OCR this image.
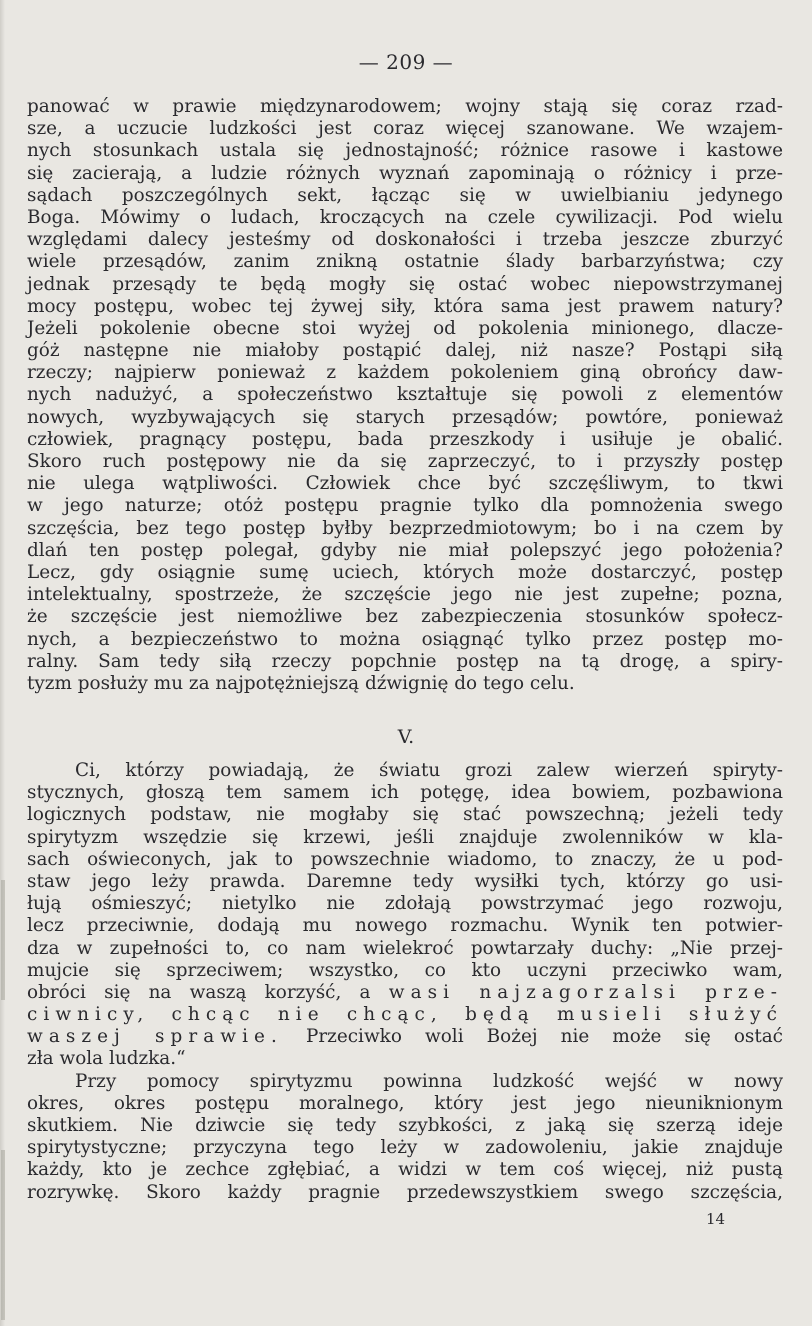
— 209 —
panować w prawie międzynarodowem; wojny stają się coraz rzad-
sze, a uczucie ludzkości jest coraz więcej szanowane. We wzajem-
nych stosunkach ustala się jednostajność; różnice rasowe i kastowe
się zacierają, a ludzie różnych wyznań zapominają o różnicy i prze-
sądach poszczególnych sekt, łącząc się w uwielbianiu jedynego
Boga. Mówimy o ludach, kroczących na czele cywilizacji. Pod wielu
względami dalecy jesteśmy od doskonałości i trzeba jeszcze zburzyć
wiele przesądów, zanim znikną ostatnie ślady barbarzyństwa; czy
jednak przesądy te będą mogły się ostać wobec niepowstrzymanej
mocy postępu, wobec tej żywej siły, która sama jest prawem natury?
Jeżeli pokolenie obecne stoi wyżej od pokolenia minionego, dlacze-
góż następne nie miałoby postąpić dalej, niż nasze? Postąpi siłą
rzeczy; najpierw ponieważ z każdem pokoleniem giną obrońcy daw-
nych nadużyć, a społeczeństwo kształtuje się powoli z elementów
nowych, wyzbywających się starych przesądów; powtóre, ponieważ
człowiek, pragnący postępu, bada przeszkody i usiłuje je obalić.
Skoro ruch postępowy nie da się zaprzeczyć, to i przyszły postęp
nie ulega wątpliwości. Człowiek chce być szczęśliwym, to tkwi
w jego naturze; otóż postępu pragnie tylko dla pomnożenia swego
szczęścia, bez tego postęp byłby bezprzedmiotowym; bo i na czem by
dlań ten postęp polegał, gdyby nie miał polepszyć jego położenia?
Lecz, gdy osiągnie sumę uciech, których może dostarczyć, postęp
intelektualny, spostrzeże, że szczęście jego nie jest zupełne; pozna,
że szczęście jest niemożliwe bez zabezpieczenia stosunków społecz-
nych, a bezpieczeństwo to można osiągnąć tylko przez postęp mo-
ralny. Sam tedy siłą rzeczy popchnie postęp na tą drogę, a spiry-
tyzm posłuży mu za najpotężniejszą dźwignię do tego celu.
V.
Ci, którzy powiadają, że światu grozi zalew wierzeń spiryty-
stycznych, głoszą tem samem ich potęgę, idea bowiem, pozbawiona
logicznych podstaw, nie mogłaby się stać powszechną; jeżeli tedy
spirytyzm wszędzie się krzewi, jeśli znajduje zwolenników w kla-
sach oświeconych, jak to powszechnie wiadomo, to znaczy, że u pod-
staw jego leży prawda. Daremne tedy wysiłki tych, którzy go usi-
łują ośmieszyć; nietylko nie zdołają powstrzymać jego rozwoju,
lecz przeciwnie, dodają mu nowego rozmachu. Wynik ten potwier-
dza w zupełności to, co nam wielekroć powtarzały duchy: „Nie przej-
mujcie się sprzeciwem; wszystko, co kto uczyni przeciwko wam,
obróci się na waszą korzyść, a wasi najzagorzalsi prze-
ciwnicy, chcąc nie chcąc, będą musieli służyć
waszej sprawie. Przeciwko woli Bożej nie może się ostać
zła wola ludzka.“
Przy pomocy spirytyzmu powinna ludzkość wejść w nowy
okres, okres postępu moralnego, który jest jego nieuniknionym
skutkiem. Nie dziwcie się tedy szybkości, z jaką się szerzą ideje
spirytystyczne; przyczyna tego leży w zadowoleniu, jakie znajduje
każdy, kto je zechce zgłębiać, a widzi w tem coś więcej, niż pustą
rozrywkę. Skoro każdy pragnie przedewszystkiem swego szczęścia,
14
